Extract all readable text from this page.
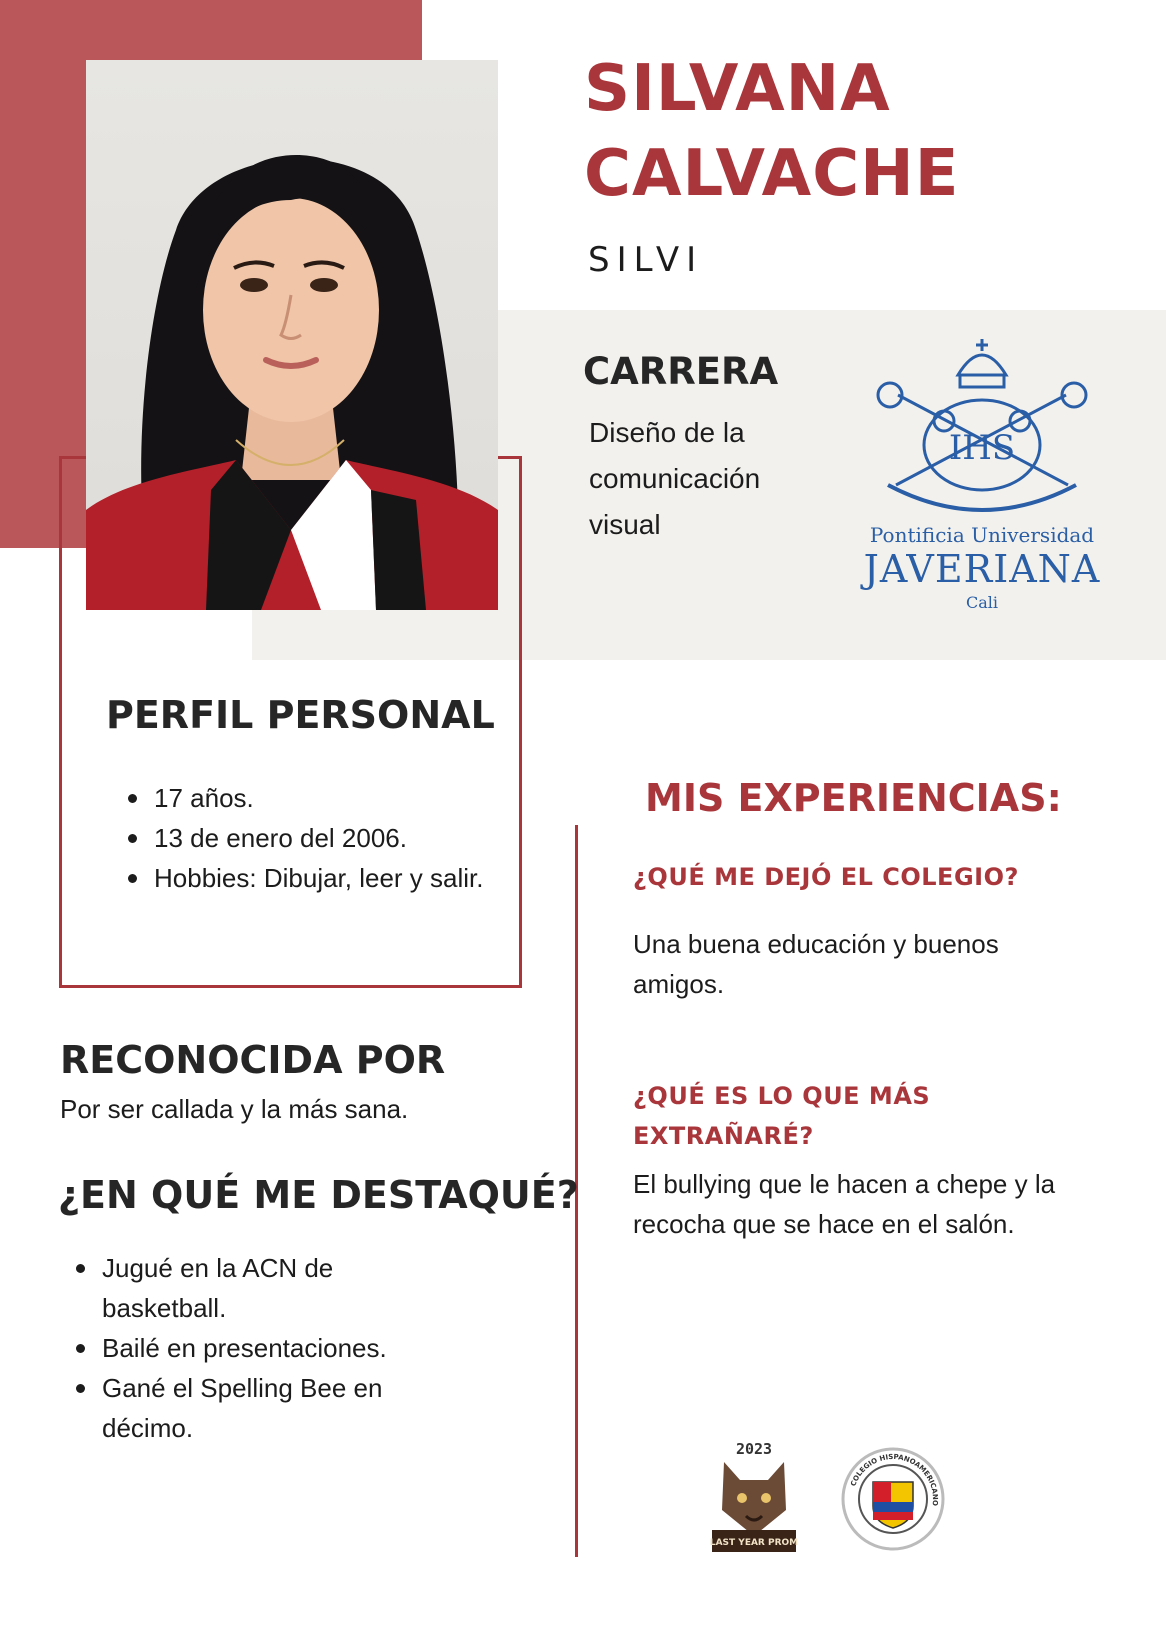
SILVANA
CALVACHE
SILVI
CARRERA
Diseño de la comunicación visual
IHS
Pontificia Universidad
JAVERIANA
Cali
PERFIL PERSONAL
17 años.
13 de enero del 2006.
Hobbies: Dibujar, leer y salir.
RECONOCIDA POR
Por ser callada y la más sana.
¿EN QUÉ ME DESTAQUÉ?
Jugué en la ACN de basketball.
Bailé en presentaciones.
Gané el Spelling Bee en décimo.
MIS EXPERIENCIAS:
¿QUÉ ME DEJÓ EL COLEGIO?
Una buena educación y buenos amigos.
¿QUÉ ES LO QUE MÁS EXTRAÑARÉ?
El bullying que le hacen a chepe y la recocha que se hace en el salón.
2023
LAST YEAR PROM
COLEGIO HISPANOAMERICANO
